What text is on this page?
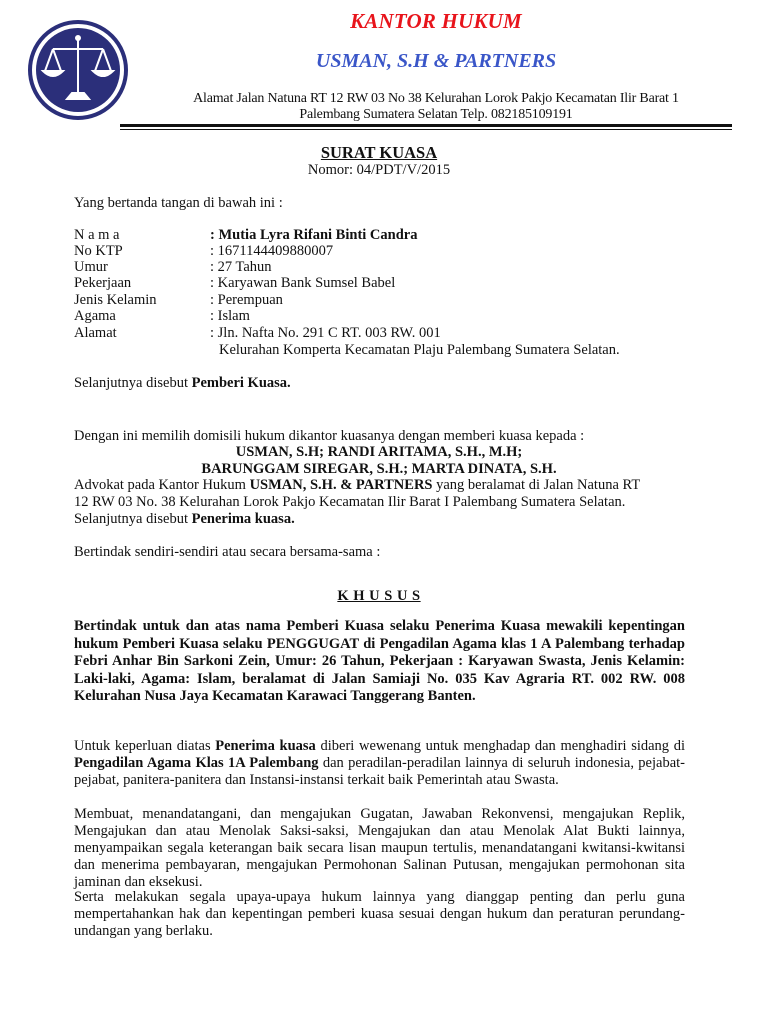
KANTOR HUKUM
USMAN, S.H & PARTNERS
Alamat Jalan Natuna RT 12 RW 03 No 38 Kelurahan Lorok Pakjo Kecamatan Ilir Barat 1
Palembang Sumatera Selatan Telp. 082185109191
SURAT KUASA
Nomor: 04/PDT/V/2015
Yang bertanda tangan di bawah ini :
N a m a	: Mutia Lyra Rifani Binti Candra
No KTP	: 1671144409880007
Umur	: 27 Tahun
Pekerjaan	: Karyawan Bank Sumsel Babel
Jenis Kelamin	: Perempuan
Agama	: Islam
Alamat	: Jln. Nafta No. 291 C RT. 003 RW. 001
Kelurahan Komperta Kecamatan Plaju Palembang Sumatera Selatan.
Selanjutnya disebut Pemberi Kuasa.
Dengan ini memilih domisili hukum dikantor kuasanya dengan memberi kuasa kepada :
USMAN, S.H; RANDI ARITAMA, S.H., M.H;
BARUNGGAM SIREGAR, S.H.; MARTA DINATA, S.H.
Advokat pada Kantor Hukum USMAN, S.H. & PARTNERS yang beralamat di Jalan Natuna RT
12 RW 03 No. 38 Kelurahan Lorok Pakjo Kecamatan Ilir Barat I Palembang Sumatera Selatan.
Selanjutnya disebut Penerima kuasa.
Bertindak sendiri-sendiri atau secara bersama-sama :
K H U S U S
Bertindak untuk dan atas nama Pemberi Kuasa selaku Penerima Kuasa mewakili kepentingan hukum Pemberi Kuasa selaku PENGGUGAT di Pengadilan Agama klas 1 A Palembang terhadap Febri Anhar Bin Sarkoni Zein, Umur: 26 Tahun, Pekerjaan : Karyawan Swasta, Jenis Kelamin: Laki-laki, Agama: Islam, beralamat di Jalan Samiaji No. 035 Kav Agraria RT. 002 RW. 008 Kelurahan Nusa Jaya Kecamatan Karawaci Tanggerang Banten.
Untuk keperluan diatas Penerima kuasa diberi wewenang untuk menghadap dan menghadiri sidang di Pengadilan Agama Klas 1A Palembang dan peradilan-peradilan lainnya di seluruh indonesia, pejabat-pejabat, panitera-panitera dan Instansi-instansi terkait baik Pemerintah atau Swasta.
Membuat, menandatangani, dan mengajukan Gugatan, Jawaban Rekonvensi, mengajukan Replik, Mengajukan dan atau Menolak Saksi-saksi, Mengajukan dan atau Menolak Alat Bukti lainnya, menyampaikan segala keterangan baik secara lisan maupun tertulis, menandatangani kwitansi-kwitansi dan menerima pembayaran, mengajukan Permohonan Salinan Putusan, mengajukan permohonan sita jaminan dan eksekusi.
Serta melakukan segala upaya-upaya hukum lainnya yang dianggap penting dan perlu guna mempertahankan hak dan kepentingan pemberi kuasa sesuai dengan hukum dan peraturan perundang-undangan yang berlaku.
